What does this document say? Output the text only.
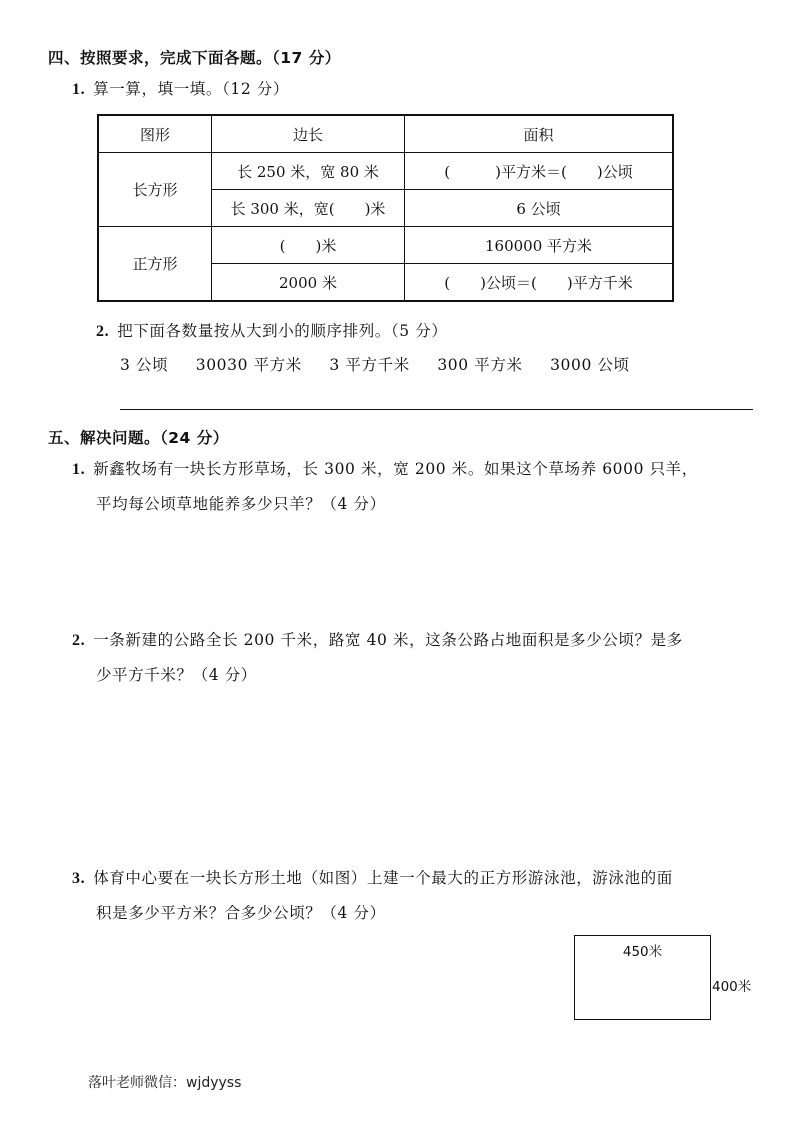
四、按照要求，完成下面各题。（17 分）
1. 算一算，填一填。（12 分）
图形	边长	面积
长方形	长 250 米，宽 80 米	(　　　)平方米＝(　　)公顷
	长 300 米，宽(　　)米	6 公顷
正方形	(　　)米	160000 平方米
	2000 米	(　　)公顷＝(　　)平方千米
2. 把下面各数量按从大到小的顺序排列。（5 分）
3 公顷 30030 平方米 3 平方千米 300 平方米 3000 公顷
五、解决问题。（24 分）
1. 新鑫牧场有一块长方形草场，长 300 米，宽 200 米。如果这个草场养 6000 只羊，
平均每公顷草地能养多少只羊？（4 分）
2. 一条新建的公路全长 200 千米，路宽 40 米，这条公路占地面积是多少公顷？是多
少平方千米？（4 分）
3. 体育中心要在一块长方形土地（如图）上建一个最大的正方形游泳池，游泳池的面
积是多少平方米？合多少公顷？（4 分）
450米
400米
落叶老师微信：wjdyyss
